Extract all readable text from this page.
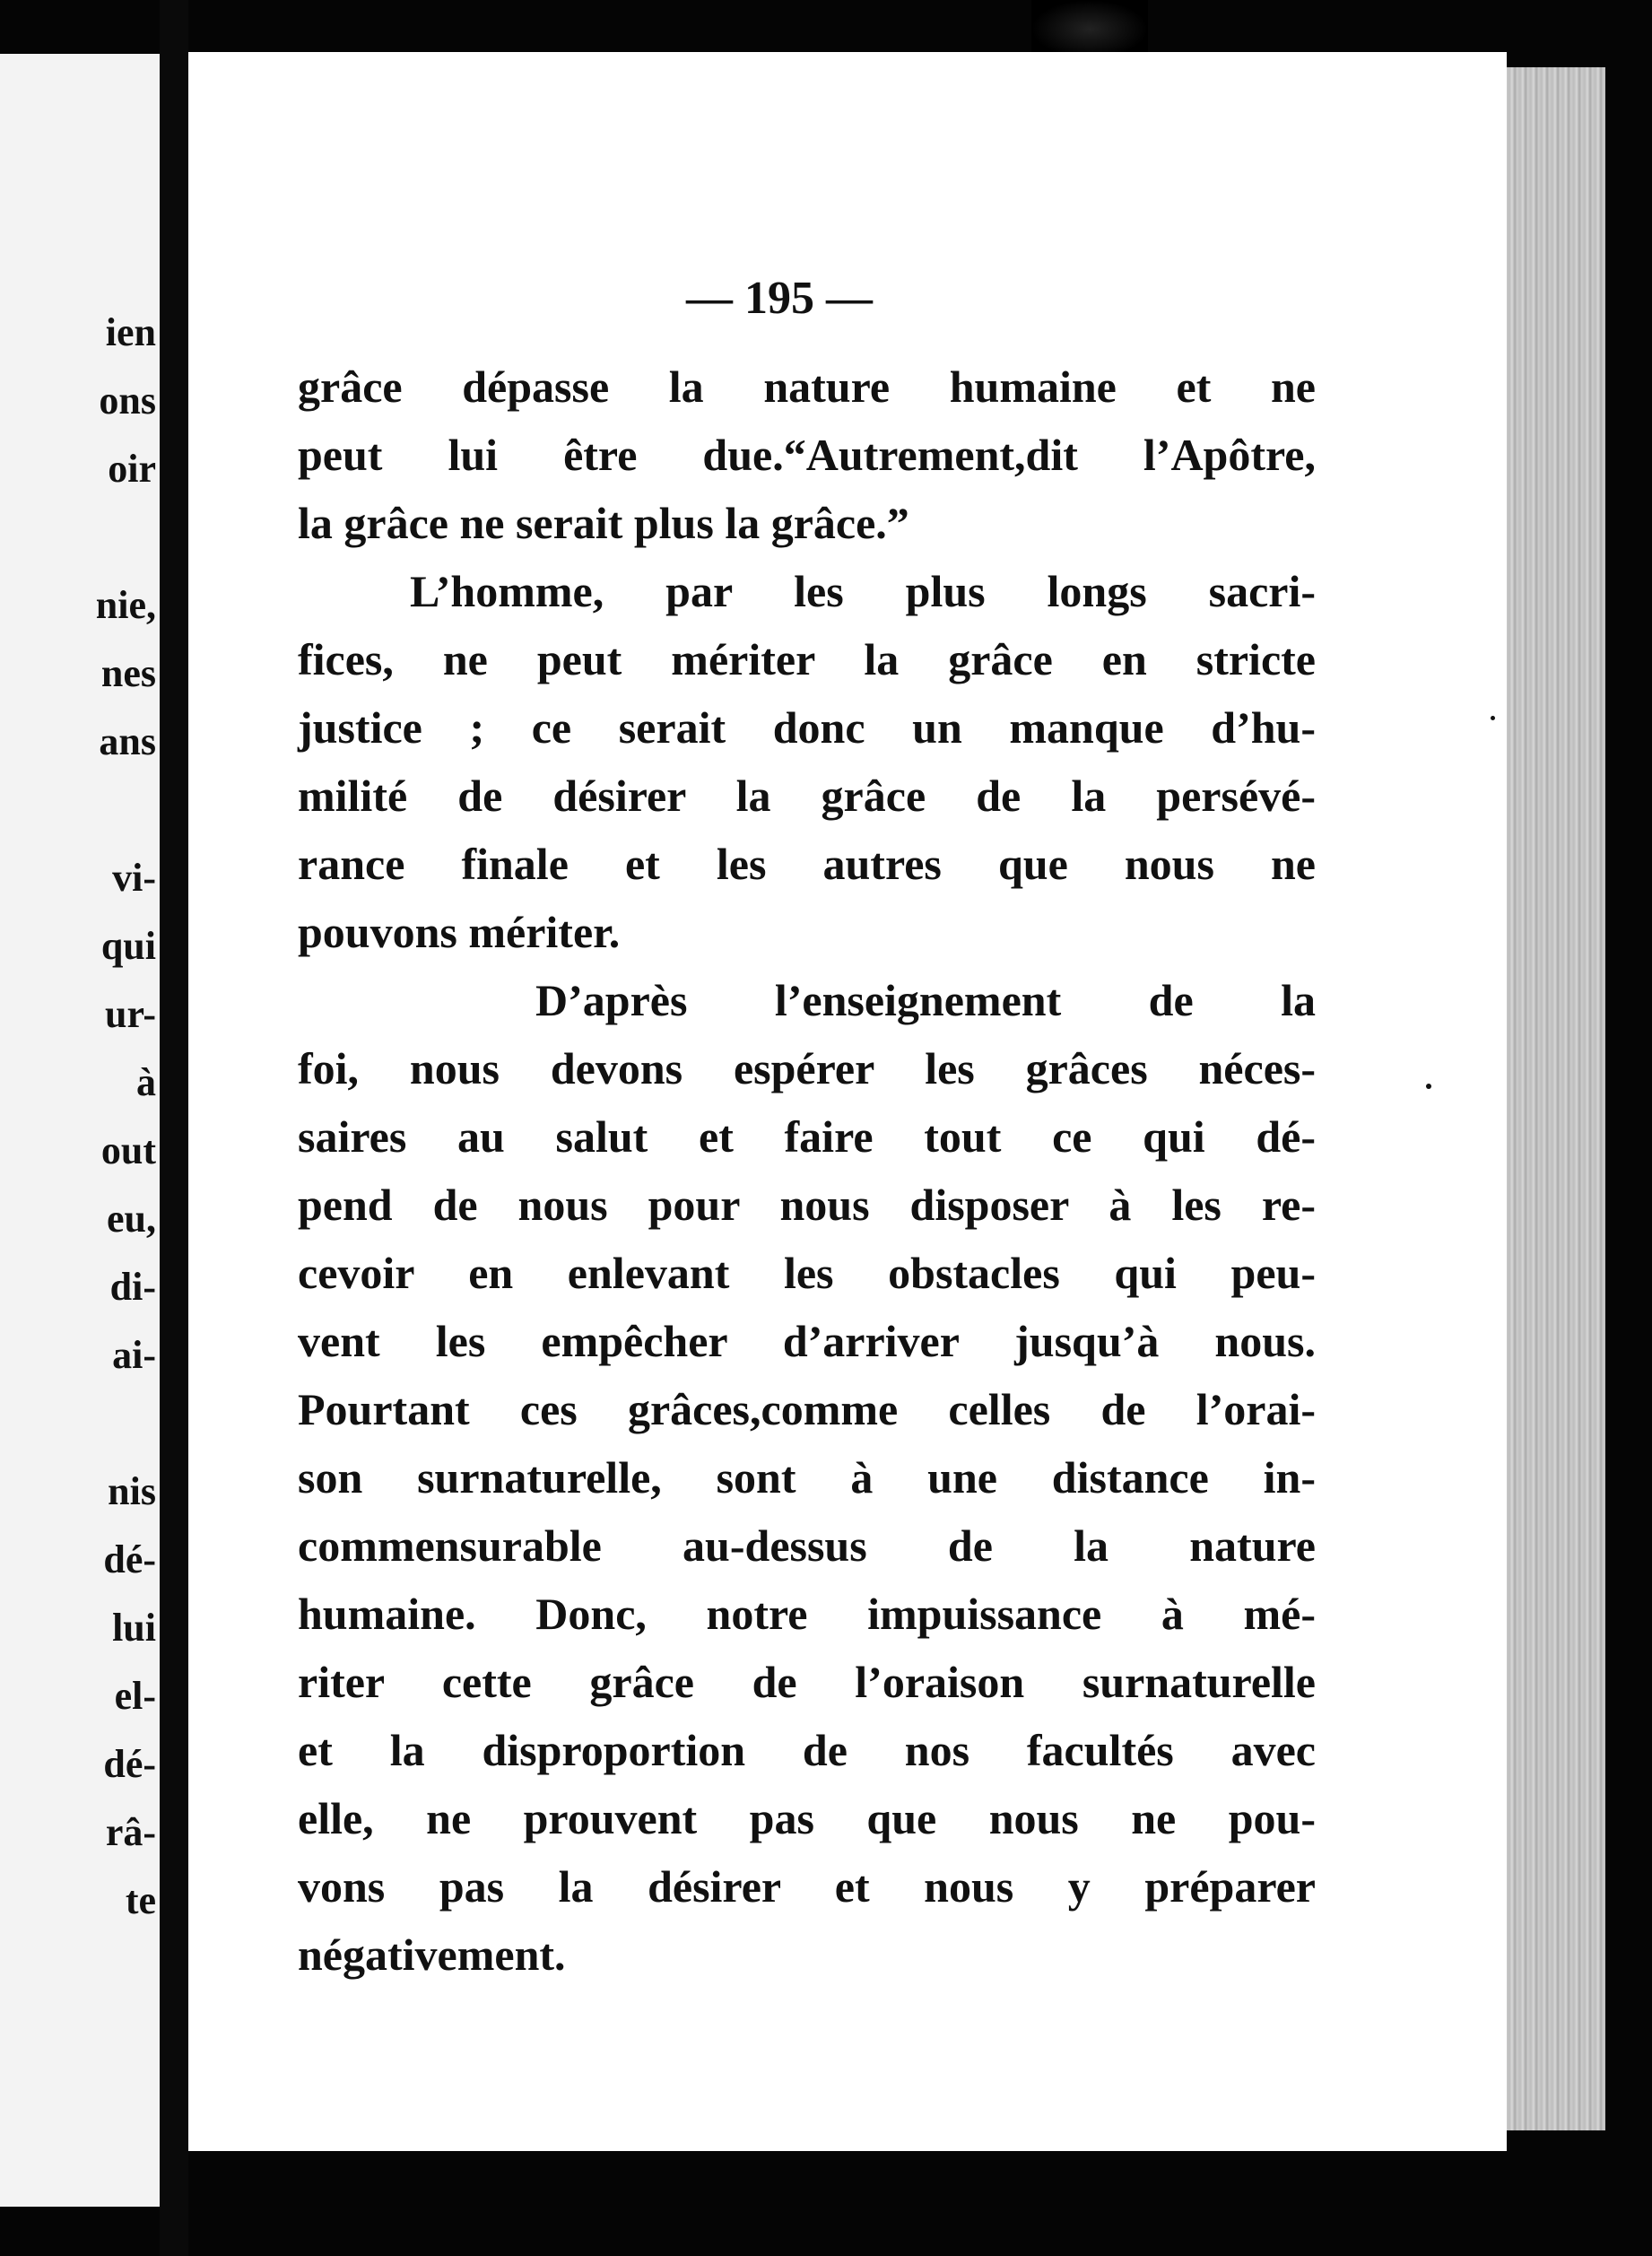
ien
ons
oir
nie,
nes
ans
vi-
qui
ur-
à
out
eu,
di-
ai-
nis
dé-
lui
el-
dé-
râ-
te
— 195 —
grâce dépasse la nature humaine et ne
peut lui être due.“Autrement,dit l’Apôtre,
la grâce ne serait plus la grâce.”
L’homme, par les plus longs sacri-
fices, ne peut mériter la grâce en stricte
justice ; ce serait donc un manque d’hu-
milité de désirer la grâce de la persévé-
rance finale et les autres que nous ne
pouvons mériter.
D’après l’enseignement de la
foi, nous devons espérer les grâces néces-
saires au salut et faire tout ce qui dé-
pend de nous pour nous disposer à les re-
cevoir en enlevant les obstacles qui peu-
vent les empêcher d’arriver jusqu’à nous.
Pourtant ces grâces,comme celles de l’orai-
son surnaturelle, sont à une distance in-
commensurable au-dessus de la nature
humaine. Donc, notre impuissance à mé-
riter cette grâce de l’oraison surnaturelle
et la disproportion de nos facultés avec
elle, ne prouvent pas que nous ne pou-
vons pas la désirer et nous y préparer
négativement.
